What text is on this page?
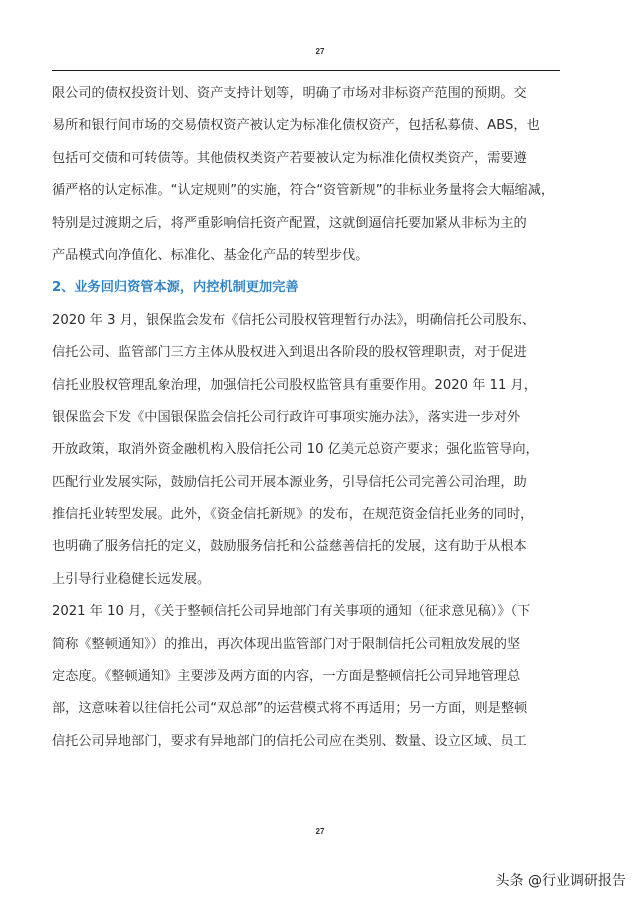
27
限公司的债权投资计划、资产支持计划等，明确了市场对非标资产范围的预期。交
易所和银行间市场的交易债权资产被认定为标准化债权资产，包括私募债、ABS，也
包括可交债和可转债等。其他债权类资产若要被认定为标准化债权类资产，需要遵
循严格的认定标准。“认定规则”的实施，符合“资管新规”的非标业务量将会大幅缩减，
特别是过渡期之后，将严重影响信托资产配置，这就倒逼信托要加紧从非标为主的
产品模式向净值化、标准化、基金化产品的转型步伐。
2、业务回归资管本源，内控机制更加完善
2020 年 3 月，银保监会发布《信托公司股权管理暂行办法》，明确信托公司股东、
信托公司、监管部门三方主体从股权进入到退出各阶段的股权管理职责，对于促进
信托业股权管理乱象治理，加强信托公司股权监管具有重要作用。2020 年 11 月，
银保监会下发《中国银保监会信托公司行政许可事项实施办法》，落实进一步对外
开放政策，取消外资金融机构入股信托公司 10 亿美元总资产要求；强化监管导向，
匹配行业发展实际，鼓励信托公司开展本源业务，引导信托公司完善公司治理，助
推信托业转型发展。此外，《资金信托新规》的发布，在规范资金信托业务的同时，
也明确了服务信托的定义，鼓励服务信托和公益慈善信托的发展，这有助于从根本
上引导行业稳健长远发展。
2021 年 10 月，《关于整顿信托公司异地部门有关事项的通知（征求意见稿）》（下
简称《整顿通知》）的推出，再次体现出监管部门对于限制信托公司粗放发展的坚
定态度。《整顿通知》主要涉及两方面的内容，一方面是整顿信托公司异地管理总
部，这意味着以往信托公司“双总部”的运营模式将不再适用；另一方面，则是整顿
信托公司异地部门，要求有异地部门的信托公司应在类别、数量、设立区域、员工
27
头条 @行业调研报告
